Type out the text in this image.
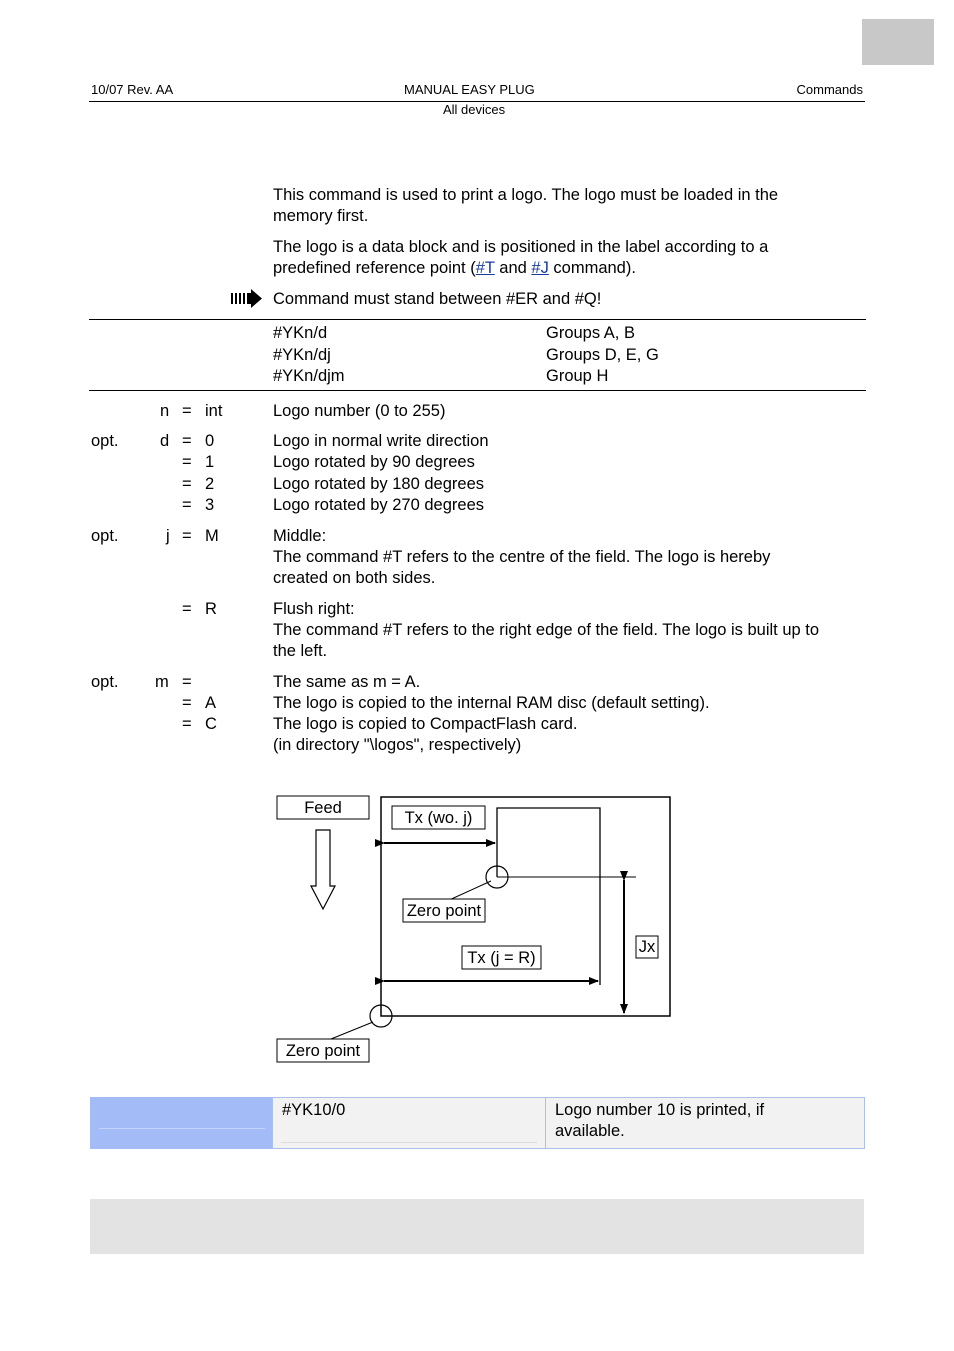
10/07 Rev. AA	MANUAL EASY PLUG	Commands
All devices
This command is used to print a logo. The logo must be loaded in the memory first.
The logo is a data block and is positioned in the label according to a predefined reference point (#T and #J command).
Command must stand between #ER and #Q!
#YKn/d	Groups A, B
#YKn/dj	Groups D, E, G
#YKn/djm	Group H
n = int	Logo number (0 to 255)
opt.	d = 0	Logo in normal write direction
= 1	Logo rotated by 90 degrees
= 2	Logo rotated by 180 degrees
= 3	Logo rotated by 270 degrees
opt.	j = M	Middle:
The command #T refers to the centre of the field. The logo is hereby
created on both sides.
= R	Flush right:
The command #T refers to the right edge of the field. The logo is built up to
the left.
opt. m =	The same as m = A.
= A	The logo is copied to the internal RAM disc (default setting).
= C	The logo is copied to CompactFlash card.
(in directory "\logos", respectively)
Feed
Tx (wo. j)
Zero point
Tx (j = R)
Jx
Zero point
#YK10/0	Logo number 10 is printed, if
available.
